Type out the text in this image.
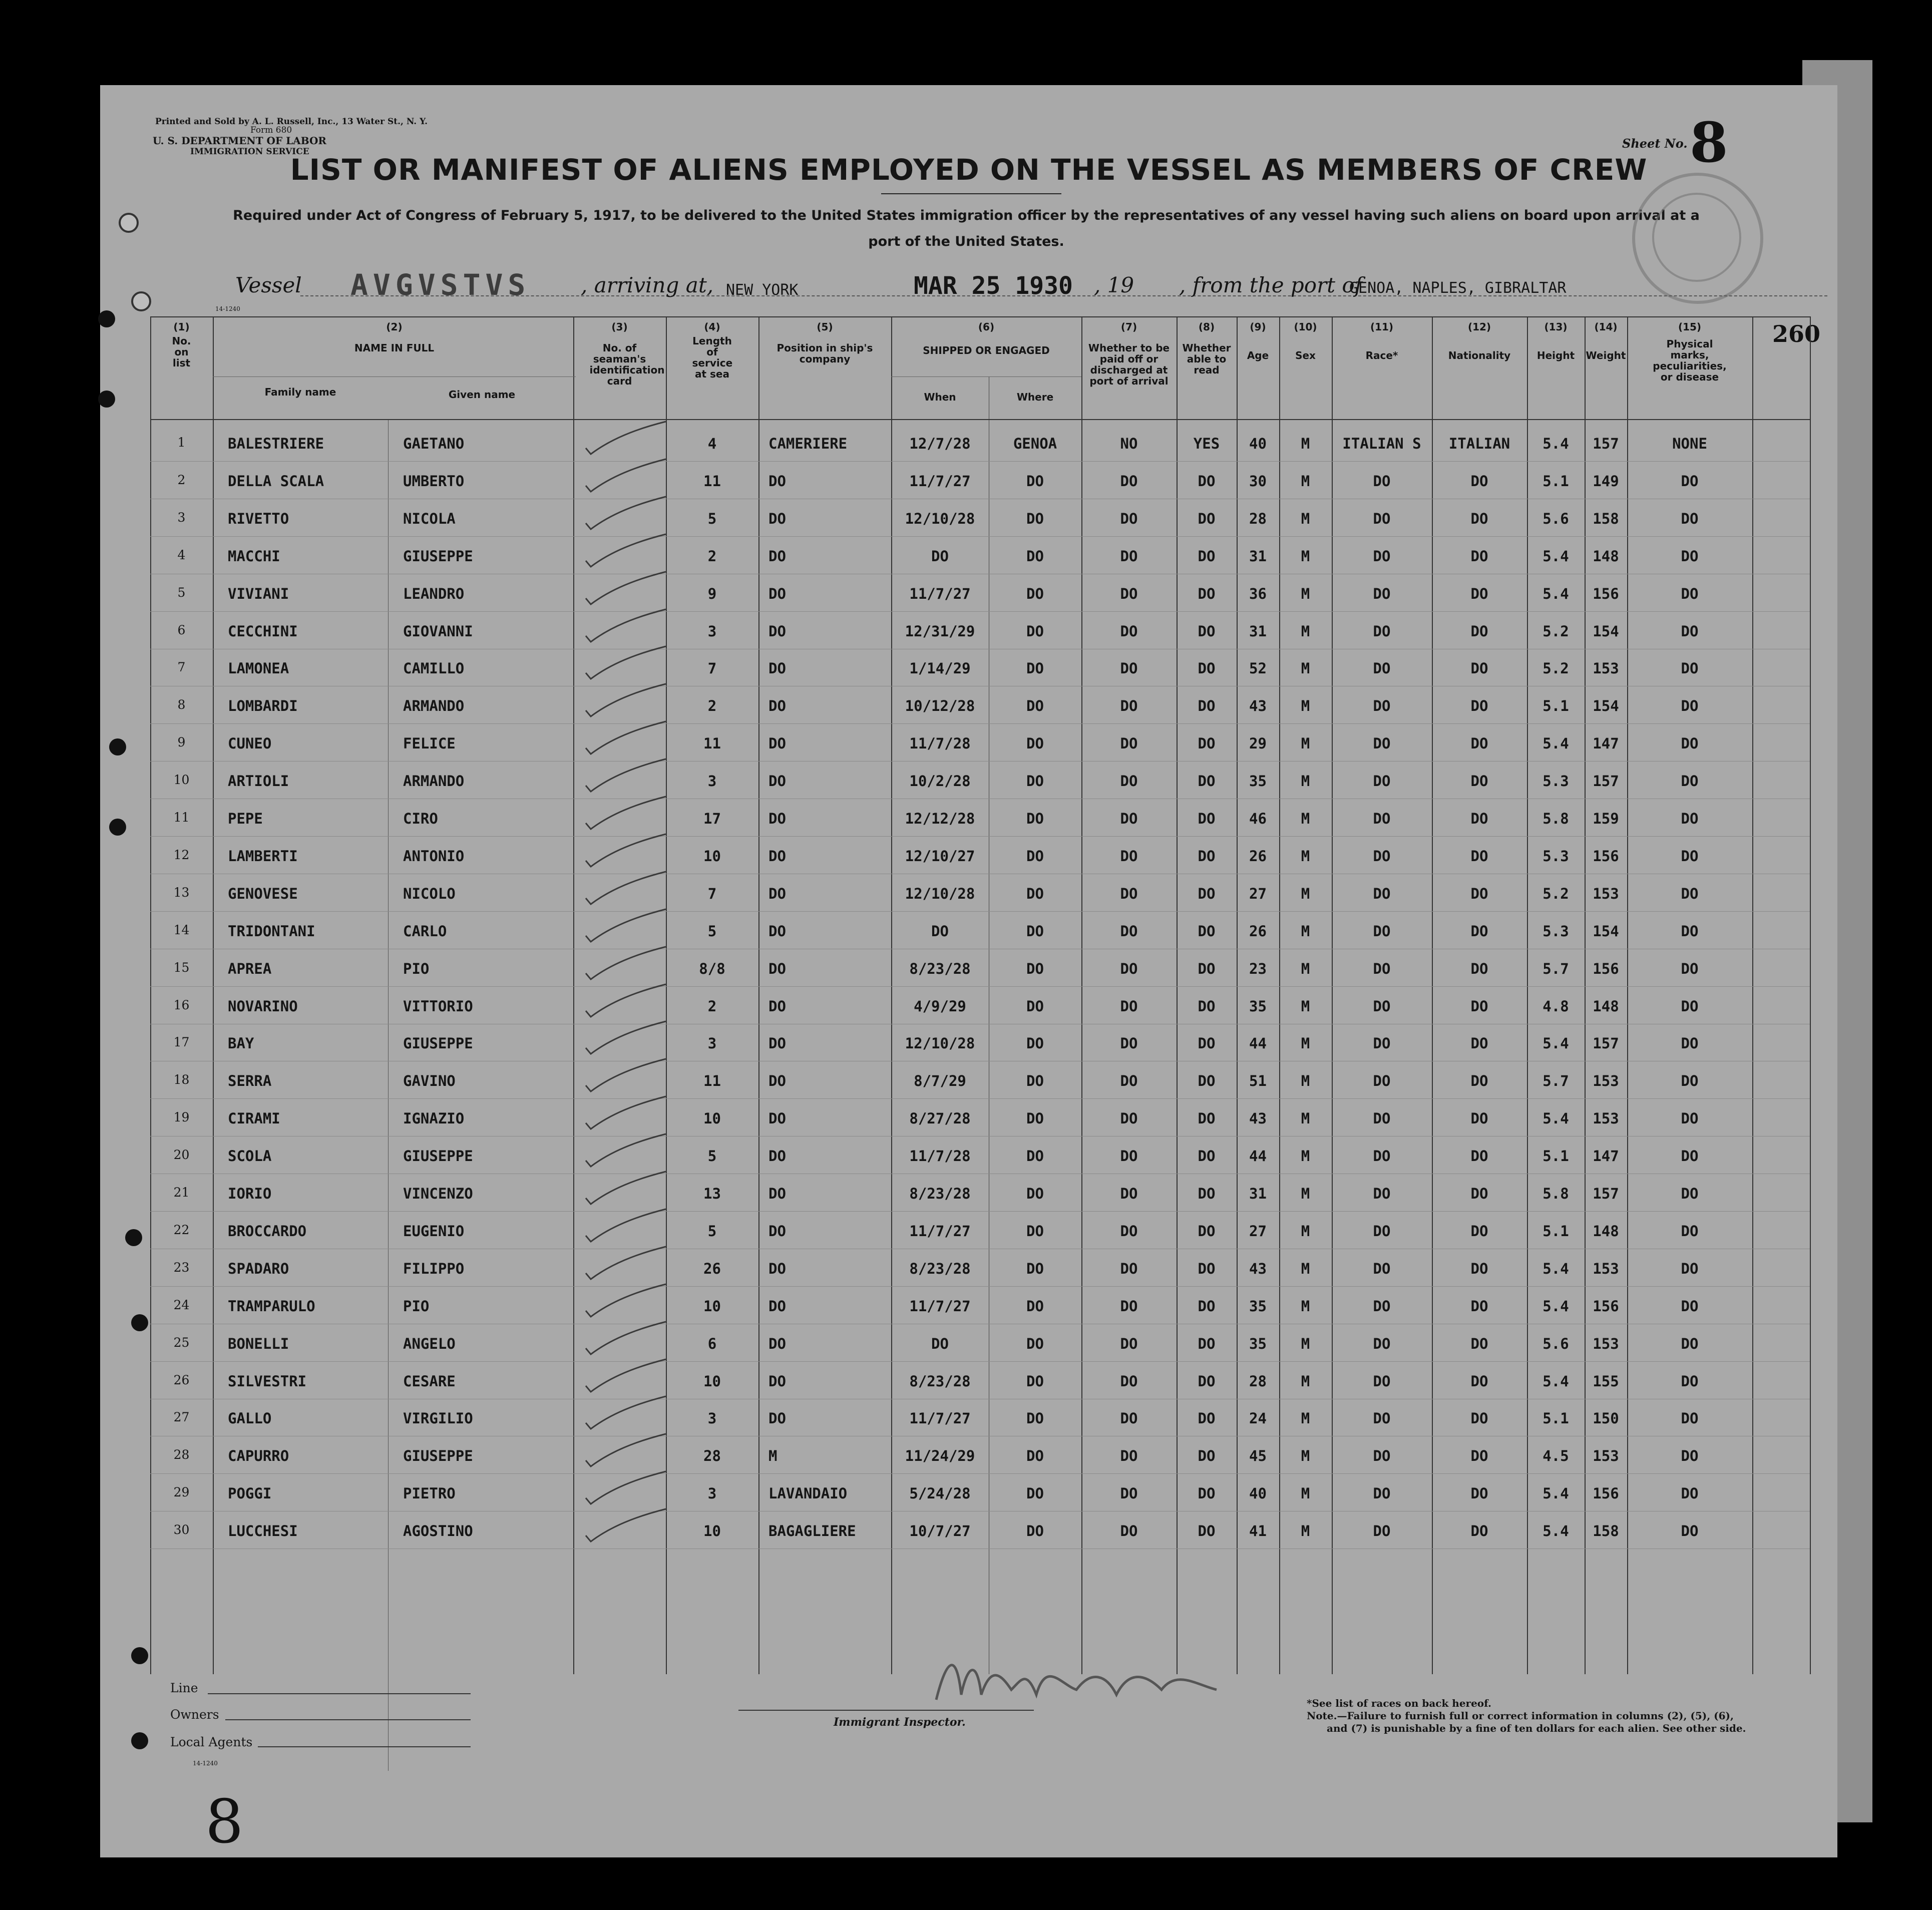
Printed and Sold by A. L. Russell, Inc., 13 Water St., N. Y.
Form 680
U. S. DEPARTMENT OF LABOR
IMMIGRATION SERVICE
Sheet No. 8
LIST OR MANIFEST OF ALIENS EMPLOYED ON THE VESSEL AS MEMBERS OF CREW
Required under Act of Congress of February 5, 1917, to be delivered to the United States immigration officer by the representatives of any vessel having such aliens on board upon arrival at a
port of the United States.
Vessel AVGVSTVS , arriving at, NEW YORK	MAR 25 1930 , 19 , from the port of
GENOA, NAPLES, GIBRALTAR
14-1240
260
(1)
No. on list
(2)
NAME IN FULL
Family name	Given name
(3)
No. of seaman's identification card
(4)
Length of service at sea
(5)
Position in ship's company
(6)
SHIPPED OR ENGAGED
When	Where
(7)
Whether to be paid off or discharged at port of arrival
(8)
Whether able to read
(9)
Age
(10)
Sex
(11)
Race*
(12)
Nationality
(13)
Height
(14)
Weight
(15)
Physical marks, peculiarities, or disease
1	BALESTRIERE	GAETANO	4	CAMERIERE	12/7/28	GENOA	NO	YES	40	M	ITALIAN S	ITALIAN	5.4	157	NONE
2	DELLA SCALA	UMBERTO	11	DO	11/7/27	DO	DO	DO	30	M	DO	DO	5.1	149	DO
3	RIVETTO	NICOLA	5	DO	12/10/28	DO	DO	DO	28	M	DO	DO	5.6	158	DO
4	MACCHI	GIUSEPPE	2	DO	DO	DO	DO	DO	31	M	DO	DO	5.4	148	DO
5	VIVIANI	LEANDRO	9	DO	11/7/27	DO	DO	DO	36	M	DO	DO	5.4	156	DO
6	CECCHINI	GIOVANNI	3	DO	12/31/29	DO	DO	DO	31	M	DO	DO	5.2	154	DO
7	LAMONEA	CAMILLO	7	DO	1/14/29	DO	DO	DO	52	M	DO	DO	5.2	153	DO
8	LOMBARDI	ARMANDO	2	DO	10/12/28	DO	DO	DO	43	M	DO	DO	5.1	154	DO
9	CUNEO	FELICE	11	DO	11/7/28	DO	DO	DO	29	M	DO	DO	5.4	147	DO
10	ARTIOLI	ARMANDO	3	DO	10/2/28	DO	DO	DO	35	M	DO	DO	5.3	157	DO
11	PEPE	CIRO	17	DO	12/12/28	DO	DO	DO	46	M	DO	DO	5.8	159	DO
12	LAMBERTI	ANTONIO	10	DO	12/10/27	DO	DO	DO	26	M	DO	DO	5.3	156	DO
13	GENOVESE	NICOLO	7	DO	12/10/28	DO	DO	DO	27	M	DO	DO	5.2	153	DO
14	TRIDONTANI	CARLO	5	DO	DO	DO	DO	DO	26	M	DO	DO	5.3	154	DO
15	APREA	PIO	8/8	DO	8/23/28	DO	DO	DO	23	M	DO	DO	5.7	156	DO
16	NOVARINO	VITTORIO	2	DO	4/9/29	DO	DO	DO	35	M	DO	DO	4.8	148	DO
17	BAY	GIUSEPPE	3	DO	12/10/28	DO	DO	DO	44	M	DO	DO	5.4	157	DO
18	SERRA	GAVINO	11	DO	8/7/29	DO	DO	DO	51	M	DO	DO	5.7	153	DO
19	CIRAMI	IGNAZIO	10	DO	8/27/28	DO	DO	DO	43	M	DO	DO	5.4	153	DO
20	SCOLA	GIUSEPPE	5	DO	11/7/28	DO	DO	DO	44	M	DO	DO	5.1	147	DO
21	IORIO	VINCENZO	13	DO	8/23/28	DO	DO	DO	31	M	DO	DO	5.8	157	DO
22	BROCCARDO	EUGENIO	5	DO	11/7/27	DO	DO	DO	27	M	DO	DO	5.1	148	DO
23	SPADARO	FILIPPO	26	DO	8/23/28	DO	DO	DO	43	M	DO	DO	5.4	153	DO
24	TRAMPARULO	PIO	10	DO	11/7/27	DO	DO	DO	35	M	DO	DO	5.4	156	DO
25	BONELLI	ANGELO	6	DO	DO	DO	DO	DO	35	M	DO	DO	5.6	153	DO
26	SILVESTRI	CESARE	10	DO	8/23/28	DO	DO	DO	28	M	DO	DO	5.4	155	DO
27	GALLO	VIRGILIO	3	DO	11/7/27	DO	DO	DO	24	M	DO	DO	5.1	150	DO
28	CAPURRO	GIUSEPPE	28	M	11/24/29	DO	DO	DO	45	M	DO	DO	4.5	153	DO
29	POGGI	PIETRO	3	LAVANDAIO	5/24/28	DO	DO	DO	40	M	DO	DO	5.4	156	DO
30	LUCCHESI	AGOSTINO	10	BAGAGLIERE	10/7/27	DO	DO	DO	41	M	DO	DO	5.4	158	DO
Line
Owners
Local Agents
14-1240
Immigrant Inspector.
*See list of races on back hereof.
Note.—Failure to furnish full or correct information in columns (2), (5), (6),
and (7) is punishable by a fine of ten dollars for each alien. See other side.
8
